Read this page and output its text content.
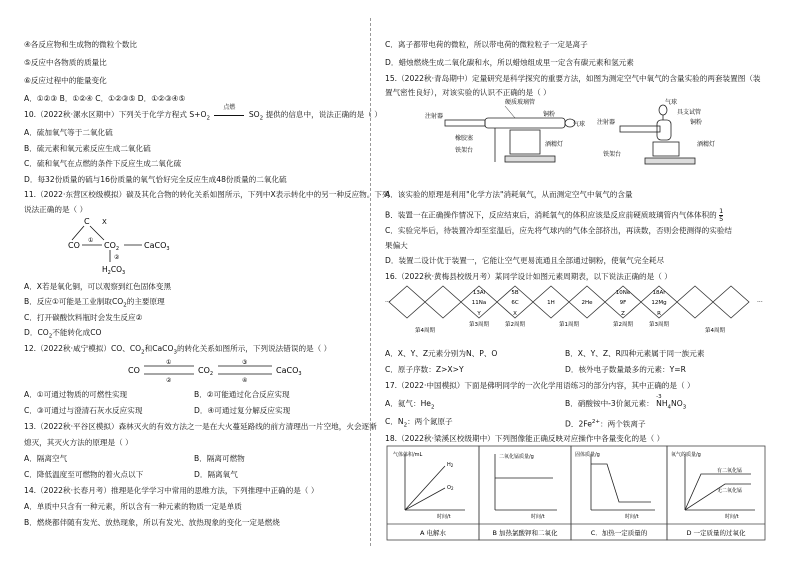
④各反应物和生成物的微粒个数比
⑤反应中各物质的质量比
⑥反应过程中的能量变化
A．①②③ B．①②④ C．①②③⑤ D．①②③④⑤
10.（2022秋·漯水区期中）下列关于化学方程式 $S+O_2$
点燃
$SO_2$ 提供的信息中，说法正确的是（ ）
A．硫加氧气等于二氧化硫
B．硫元素和氧元素反应生成二氧化硫
C．硫和氧气在点燃的条件下反应生成二氧化硫
D．每32份质量的硫与16份质量的氧气恰好完全反应生成48份质量的二氧化硫
11.（2022·东营区校级模拟）碳及其化合物的转化关系如图所示，下列中X表示转化中的另一种反应物。下列
说法正确的是（ ）
C X
CO
①
$CO_2$	CaCO$_3$
②
$H_2CO_3$
A．X若是氧化铜，可以观察到红色固体变黑
B．反应①可能是工业制取$CO_2$的主要原理
C．打开碳酸饮料瓶时会发生反应②
D．$CO_2$不能转化成CO
12.（2022秋·咸宁模拟）CO、$CO_2$和CaCO$_3$的转化关系如图所示，下列说法错误的是（ ）
CO
①
②
$CO_2$
③
④
CaCO$_3$
A．①可通过物质的可燃性实现	B．②可能通过化合反应实现
C．③可通过与澄清石灰水反应实现	D．④可通过复分解反应实现
13.（2022秋·平谷区模拟）森林灭火的有效方法之一是在大火蔓延路线的前方清理出一片空地，火会逐渐
熄灭，其灭火方法的原理是（ ）
A．隔离空气	B．隔离可燃物
C．降低温度至可燃物的着火点以下	D．隔离氧气
14.（2022秋·长春月考）推理是化学学习中常用的思维方法，下列推理中正确的是（ ）
A．单质中只含有一种元素，所以含有一种元素的物质一定是单质
B．燃烧都伴随有发光、放热现象，所以有发光、放热现象的变化一定是燃烧
C．离子都带电荷的微粒，所以带电荷的微粒粒子一定是离子
D．蜡烛燃烧生成二氧化碳和水，所以蜡烛组成里一定含有碳元素和氢元素
15.（2022秋·青岛期中）定量研究是科学探究的重要方法，如图为测定空气中氧气的含量实验的两套装置图（装
置气密性良好），对该实验的认识不正确的是（ ）
硬质玻璃管
铜粉
注射器
气球
橡胶塞
铁架台
酒精灯
气球
具支试管
铜粉
注射器
铁架台
酒精灯
A．该实验的原理是利用"化学方法"消耗氧气，从而测定空气中氧气的含量
B．装置一在正确操作情况下，反应结束后，消耗氧气的体积应该是反应前硬质玻璃管内气体体积的 $\frac{1}{5}$
C．实验完毕后，待装置冷却至室温后，应先将气球内的气体全部挤出，再读数，否则会使测得的实验结
果偏大
D．装置二设计优于装置一，它能让空气更易流通且全部通过铜粉，使氧气完全耗尽
16.（2022秋·黄梅县校级月考）某同学设计如图元素周期表，以下说法正确的是（ ）
···	···
13Al	5B	10Ne	18Ar
11Na	6C	1H	2He	9F	12Mg
Y	X	Z	R
第4周期
第3周期	第2周期	第1周期	第2周期	第3周期
第4周期
A．X、Y、Z元素分别为N、P、O	B．X、Y、Z、R四种元素属于同一族元素
C．原子序数：Z>X>Y	D．核外电子数量最多的元素：Y=R
17.（2022·中国模拟）下面是佛明同学的一次化学用语练习的部分内容，其中正确的是（ ）
A．氦气：$He_2$	B．硝酸铵中-3价氮元素：
-3
$NH_4NO_3$
C．$N_2$：两个氮原子	D．$2Fe^{2+}$：两个铁离子
18.（2022秋·梁溪区校级期中）下列图像能正确反映对应操作中各量变化的是（ ）
气体体积/mL
$H_2$
$O_2$
时间/t
二氧化锰质量/g
时间/t
固体质量/g
时间/t
氧气的质量/g
有二氧化锰
无二氧化锰
时间/t
A 电解水	B 加热氯酸钾和二氧化	C．加热一定质量的	D 一定质量的过氧化
